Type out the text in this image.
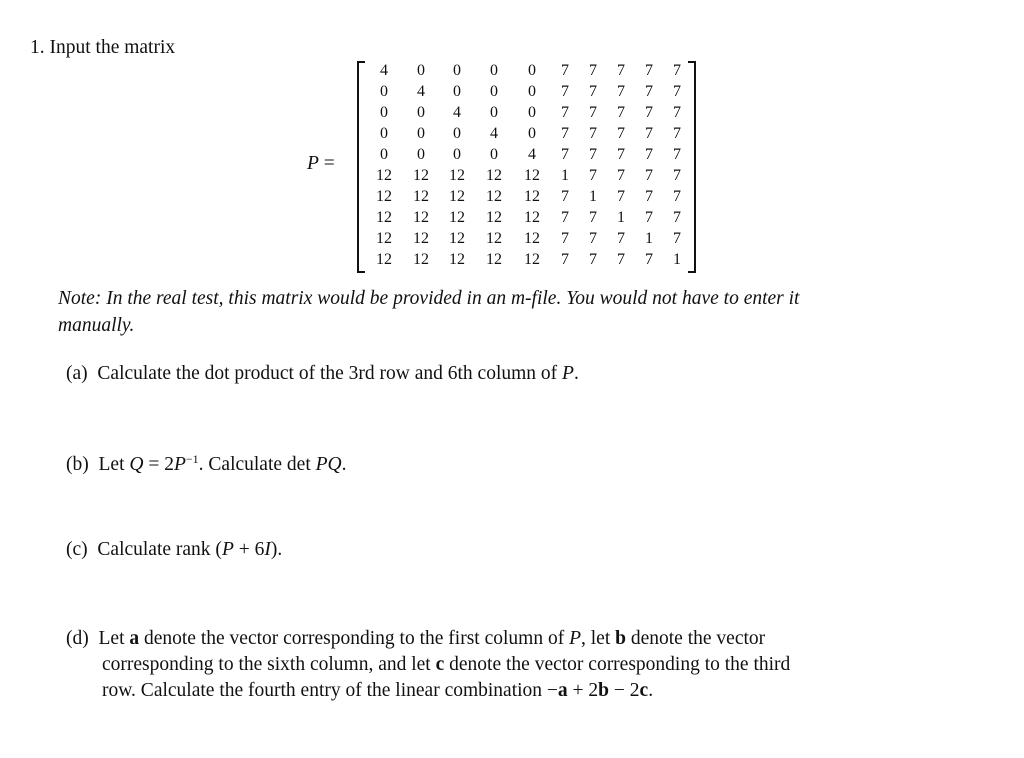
1. Input the matrix
P =
4	0	0	0	0	7	7	7	7	7
0	4	0	0	0	7	7	7	7	7
0	0	4	0	0	7	7	7	7	7
0	0	0	4	0	7	7	7	7	7
0	0	0	0	4	7	7	7	7	7
12	12	12	12	12	1	7	7	7	7
12	12	12	12	12	7	1	7	7	7
12	12	12	12	12	7	7	1	7	7
12	12	12	12	12	7	7	7	1	7
12	12	12	12	12	7	7	7	7	1
Note: In the real test, this matrix would be provided in an m-file. You would not have to enter it
manually.
(a) Calculate the dot product of the 3rd row and 6th column of P.
(b) Let $Q = 2P^{-1}$. Calculate det PQ.
(c) Calculate rank (P + 6I).
(d) Let a denote the vector corresponding to the first column of P, let b denote the vector
corresponding to the sixth column, and let c denote the vector corresponding to the third
row. Calculate the fourth entry of the linear combination −a + 2b − 2c.
